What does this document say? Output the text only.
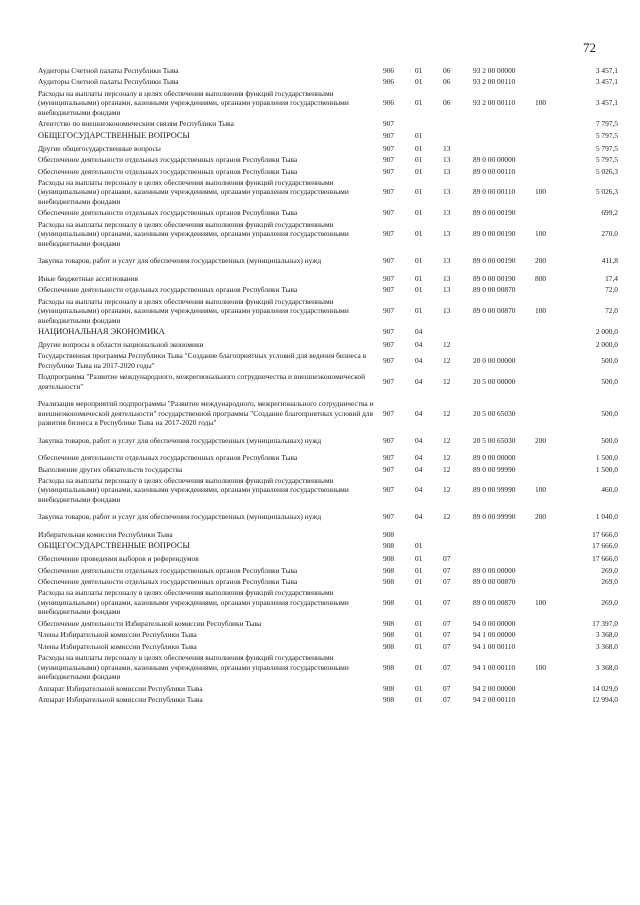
72
Аудиторы Счетной палаты Республики Тыва	906	01	06	93 2 00 00000		3 457,1
Аудиторы Счетной палаты Республики Тыва	906	01	06	93 2 00 00110		3 457,1
Расходы на выплаты персоналу в целях обеспечения выполнения функций государственными (муниципальными) органами, казенными учреждениями, органами управления государственными внебюджетными фондами	906	01	06	93 2 00 00110	100	3 457,1
Агентство по внешнеэкономическим связям Республики Тыва	907					7 797,5
ОБЩЕГОСУДАРСТВЕННЫЕ ВОПРОСЫ	907	01				5 797,5
Другие общегосударственные вопросы	907	01	13			5 797,5
Обеспечение деятельности отдельных государственных органов Республики Тыва	907	01	13	89 0 00 00000		5 797,5
Обеспечение деятельности отдельных государственных органов Республики Тыва	907	01	13	89 0 00 00110		5 026,3
Расходы на выплаты персоналу в целях обеспечения выполнения функций государственными (муниципальными) органами, казенными учреждениями, органами управления государственными внебюджетными фондами	907	01	13	89 0 00 00110	100	5 026,3
Обеспечение деятельности отдельных государственных органов Республики Тыва	907	01	13	89 0 00 00190		699,2
Расходы на выплаты персоналу в целях обеспечения выполнения функций государственными (муниципальными) органами, казенными учреждениями, органами управления государственными внебюджетными фондами	907	01	13	89 0 00 00190	100	270,0
Закупка товаров, работ и услуг для обеспечения государственных (муниципальных) нужд	907	01	13	89 0 00 00190	200	411,8
Иные бюджетные ассигнования	907	01	13	89 0 00 00190	800	17,4
Обеспечение деятельности отдельных государственных органов Республики Тыва	907	01	13	89 0 00 00870		72,0
Расходы на выплаты персоналу в целях обеспечения выполнения функций государственными (муниципальными) органами, казенными учреждениями, органами управления государственными внебюджетными фондами	907	01	13	89 0 00 00870	100	72,0
НАЦИОНАЛЬНАЯ ЭКОНОМИКА	907	04				2 000,0
Другие вопросы в области национальной экономики	907	04	12			2 000,0
Государственная программа Республики Тыва "Создание благоприятных условий для ведения бизнеса в Республике Тыва на 2017-2020 годы"	907	04	12	20 0 00 00000		500,0
Подпрограмма "Развитие международного, межрегионального сотрудничества и внешнеэкономической деятельности"	907	04	12	20 5 00 00000		500,0
Реализация мероприятий подпрограммы "Развитие международного, межрегионального сотрудничества и внешнеэкономической деятельности" государственной программы "Создание благоприятных условий для развития бизнеса в Республике Тыва на 2017-2020 годы"	907	04	12	20 5 00 65030		500,0
Закупка товаров, работ и услуг для обеспечения государственных (муниципальных) нужд	907	04	12	20 5 00 65030	200	500,0
Обеспечение деятельности отдельных государственных органов Республики Тыва	907	04	12	89 0 00 00000		1 500,0
Выполнение других обязательств государства	907	04	12	89 0 00 99990		1 500,0
Расходы на выплаты персоналу в целях обеспечения выполнения функций государственными (муниципальными) органами, казенными учреждениями, органами управления государственными внебюджетными фондами	907	04	12	89 0 00 99990	100	460,0
Закупка товаров, работ и услуг для обеспечения государственных (муниципальных) нужд	907	04	12	89 0 00 99990	200	1 040,0
Избирательная комиссия Республики Тыва	908					17 666,0
ОБЩЕГОСУДАРСТВЕННЫЕ ВОПРОСЫ	908	01				17 666,0
Обеспечение проведения выборов и референдумов	908	01	07			17 666,0
Обеспечение деятельности отдельных государственных органов Республики Тыва	908	01	07	89 0 00 00000		269,0
Обеспечение деятельности отдельных государственных органов Республики Тыва	908	01	07	89 0 00 00870		269,0
Расходы на выплаты персоналу в целях обеспечения выполнения функций государственными (муниципальными) органами, казенными учреждениями, органами управления государственными внебюджетными фондами	908	01	07	89 0 00 00870	100	269,0
Обеспечение деятельности Избирательной комиссии Республики Тыва	908	01	07	94 0 00 00000		17 397,0
Члены Избирательной комиссии Республики Тыва	908	01	07	94 1 00 00000		3 368,0
Члены Избирательной комиссии Республики Тыва	908	01	07	94 1 00 00110		3 368,0
Расходы на выплаты персоналу в целях обеспечения выполнения функций государственными (муниципальными) органами, казенными учреждениями, органами управления государственными внебюджетными фондами	908	01	07	94 1 00 00110	100	3 368,0
Аппарат Избирательной комиссии Республики Тыва	908	01	07	94 2 00 00000		14 029,0
Аппарат Избирательной комиссии Республики Тыва	908	01	07	94 2 00 00110		12 994,0
